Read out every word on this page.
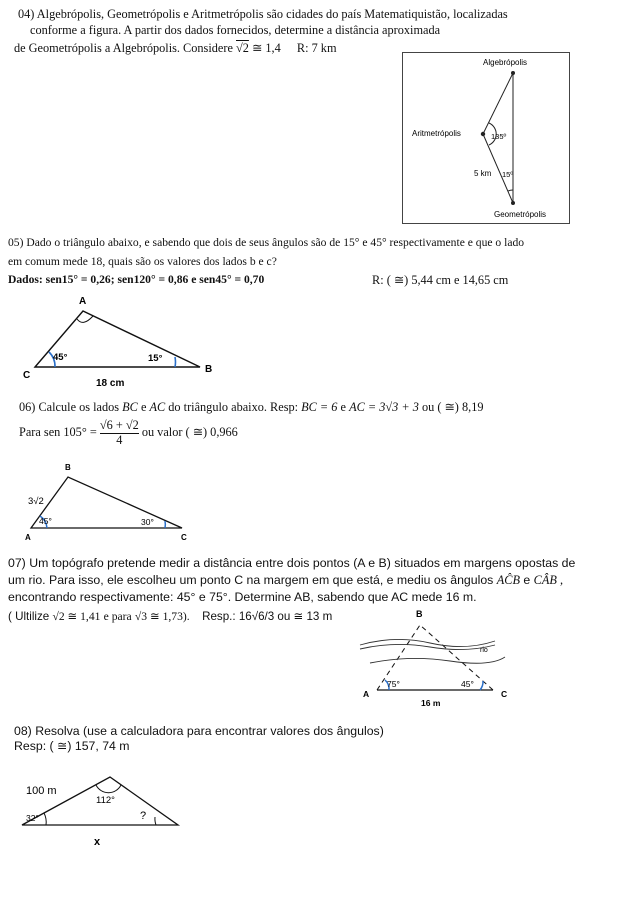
04) Algebrópolis, Geometrópolis e Aritmetrópolis são cidades do país Matematiquistão, localizadas
conforme a figura. A partir dos dados fornecidos, determine a distância aproximada
de Geometrópolis a Algebrópolis. Considere √2 ≅ 1,4 R: 7 km
Algebrópolis
Aritmetrópolis	135º
5 km 15º
Geometrópolis
05) Dado o triângulo abaixo, e sabendo que dois de seus ângulos são de 15° e 45° respectivamente e que o lado
em comum mede 18, quais são os valores dos lados b e c?
Dados: sen15° = 0,26; sen120° = 0,86 e sen45° = 0,70	R: ( ≅) 5,44 cm e 14,65 cm
A
B
C
45°	15°
18 cm
06) Calcule os lados BC e AC do triângulo abaixo. Resp: BC = 6 e AC = 3√3 + 3 ou ( ≅) 8,19
Para sen $105^\circ = \frac{√6 + √2}{4}$ ou valor ( ≅) 0,966
B
A	C
3√2
45°	30°
07) Um topógrafo pretende medir a distância entre dois pontos (A e B) situados em margens opostas de
um rio. Para isso, ele escolheu um ponto C na margem em que está, e mediu os ângulos AĈB e CÂB ,
encontrando respectivamente: 45° e 75°. Determine AB, sabendo que AC mede 16 m.
( Ultilize √2 ≅ 1,41 e para √3 ≅ 1,73). Resp.: 16√6/3 ou ≅ 13 m	B
A	C
rio
75°	45°
16 m
08) Resolva (use a calculadora para encontrar valores dos ângulos)
Resp: ( ≅) 157, 74 m
100 m
112°
32°	?
x
